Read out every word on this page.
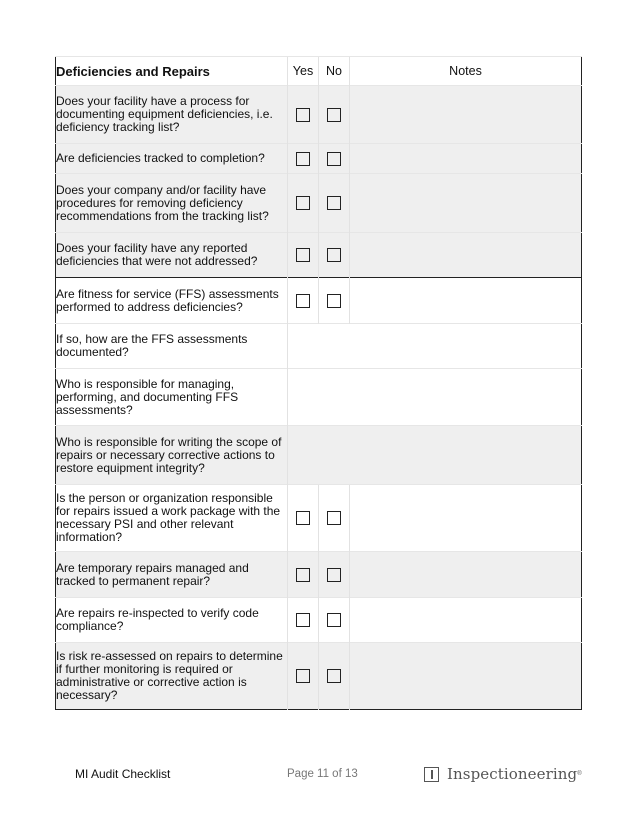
Deficiencies and Repairs	Yes	No	Notes
Does your facility have a process for documenting equipment deficiencies, i.e. deficiency tracking list?	

Are deficiencies tracked to completion?	

Does your company and/or facility have procedures for removing deficiency recommendations from the tracking list?	

Does your facility have any reported deficiencies that were not addressed?	

Are fitness for service (FFS) assessments performed to address deficiencies?	

If so, how are the FFS assessments documented?			
Who is responsible for managing, performing, and documenting FFS assessments?			
Who is responsible for writing the scope of repairs or necessary corrective actions to restore equipment integrity?			
Is the person or organization responsible for repairs issued a work package with the necessary PSI and other relevant information?	

Are temporary repairs managed and tracked to permanent repair?	

Are repairs re-inspected to verify code compliance?	

Is risk re-assessed on repairs to determine if further monitoring is required or administrative or corrective action is necessary?	

MI Audit Checklist	Page 11 of 13	Inspectioneering ®
